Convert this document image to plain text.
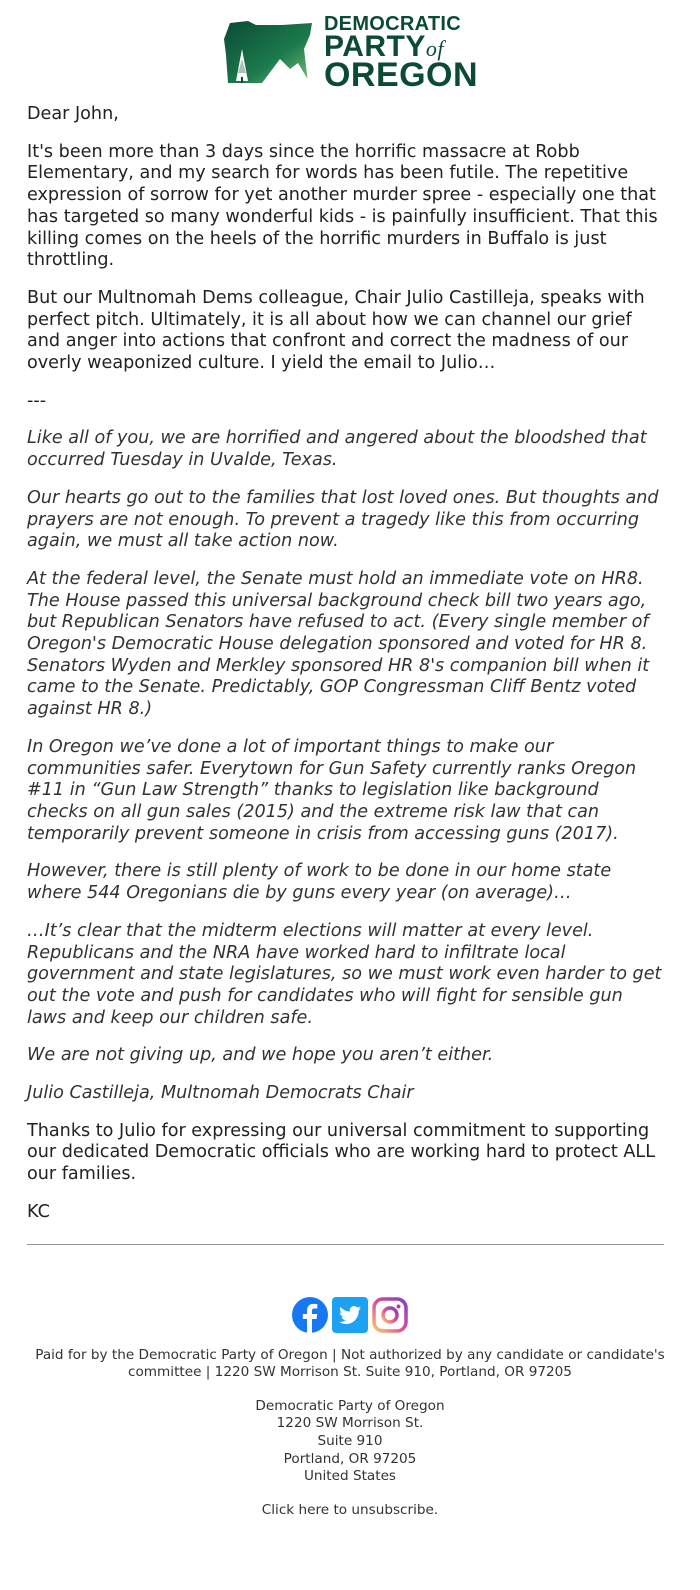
DEMOCRATIC
PARTYof
OREGON

Dear John,

It's been more than 3 days since the horrific massacre at Robb Elementary, and my search for words has been futile. The repetitive expression of sorrow for yet another murder spree - especially one that has targeted so many wonderful kids - is painfully insufficient. That this killing comes on the heels of the horrific murders in Buffalo is just throttling.

But our Multnomah Dems colleague, Chair Julio Castilleja, speaks with perfect pitch. Ultimately, it is all about how we can channel our grief and anger into actions that confront and correct the madness of our overly weaponized culture. I yield the email to Julio…

---

Like all of you, we are horrified and angered about the bloodshed that occurred Tuesday in Uvalde, Texas.

Our hearts go out to the families that lost loved ones. But thoughts and prayers are not enough. To prevent a tragedy like this from occurring again, we must all take action now.

At the federal level, the Senate must hold an immediate vote on HR8. The House passed this universal background check bill two years ago, but Republican Senators have refused to act. (Every single member of Oregon's Democratic House delegation sponsored and voted for HR 8. Senators Wyden and Merkley sponsored HR 8's companion bill when it came to the Senate. Predictably, GOP Congressman Cliff Bentz voted against HR 8.)

In Oregon we’ve done a lot of important things to make our communities safer. Everytown for Gun Safety currently ranks Oregon #11 in “Gun Law Strength” thanks to legislation like background checks on all gun sales (2015) and the extreme risk law that can temporarily prevent someone in crisis from accessing guns (2017).

However, there is still plenty of work to be done in our home state where 544 Oregonians die by guns every year (on average)…

…It’s clear that the midterm elections will matter at every level. Republicans and the NRA have worked hard to infiltrate local government and state legislatures, so we must work even harder to get out the vote and push for candidates who will fight for sensible gun laws and keep our children safe.

We are not giving up, and we hope you aren’t either.

Julio Castilleja, Multnomah Democrats Chair

Thanks to Julio for expressing our universal commitment to supporting our dedicated Democratic officials who are working hard to protect ALL our families.

KC

Paid for by the Democratic Party of Oregon | Not authorized by any candidate or candidate's committee | 1220 SW Morrison St. Suite 910, Portland, OR 97205
Democratic Party of Oregon
1220 SW Morrison St.
Suite 910
Portland, OR 97205
United States
Click here to unsubscribe.
